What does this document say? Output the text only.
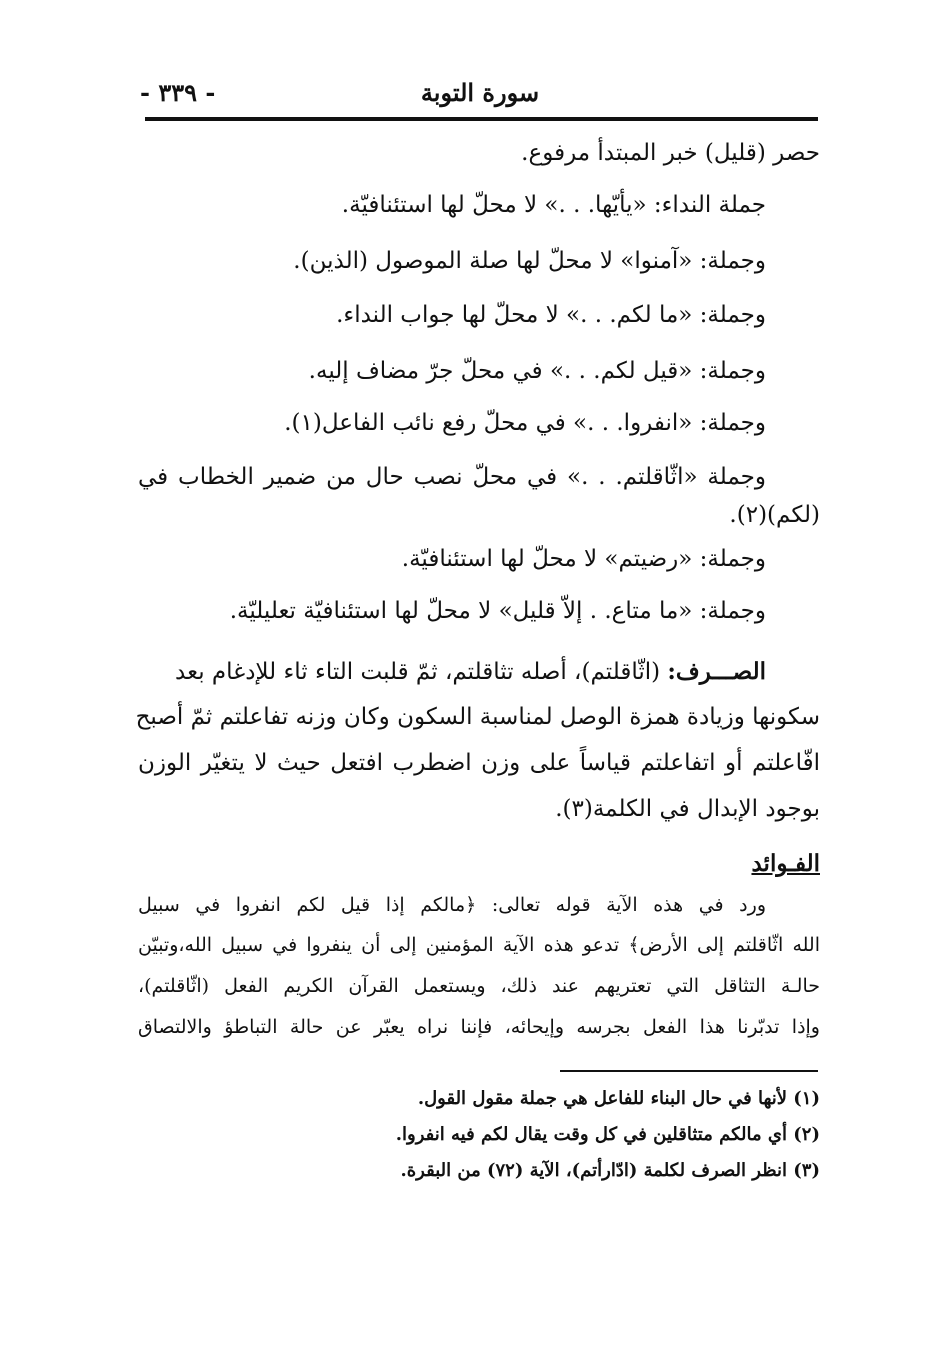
- ٣٣٩ -	سورة التوبة
حصر (قليل) خبر المبتدأ مرفوع.
جملة النداء: «يأيّها. . .» لا محلّ لها استئنافيّة.
وجملة: «آمنوا» لا محلّ لها صلة الموصول (الذين).
وجملة: «ما لكم. . .» لا محلّ لها جواب النداء.
وجملة: «قيل لكم. . .» في محلّ جرّ مضاف إليه.
وجملة: «انفروا. . .» في محلّ رفع نائب الفاعل(١).
وجملة «اثّاقلتم. . .» في محلّ نصب حال من ضمير الخطاب في
(لكم)(٢).
وجملة: «رضيتم» لا محلّ لها استئنافيّة.
وجملة: «ما متاع. . إلاّ قليل» لا محلّ لها استئنافيّة تعليليّة.
الصـــرف: (اثّاقلتم)، أصله تثاقلتم، ثمّ قلبت التاء ثاء للإدغام بعد
سكونها وزيادة همزة الوصل لمناسبة السكون وكان وزنه تفاعلتم ثمّ أصبح
افّاعلتم أو اتفاعلتم قياساً على وزن اضطرب افتعل حيث لا يتغيّر الوزن
بوجود الإبدال في الكلمة(٣).
الفـوائد
ورد في هذه الآية قوله تعالى: ﴿مالكم إذا قيل لكم انفروا في سبيل
الله اثّاقلتم إلى الأرض﴾ تدعو هذه الآية المؤمنين إلى أن ينفروا في سبيل الله،وتبيّن
حالـة التثاقل التي تعتريهم عند ذلك، ويستعمل القرآن الكريم الفعل (اثّاقلتم)،
وإذا تدبّرنا هذا الفعل بجرسه وإيحائه، فإننا نراه يعبّر عن حالة التباطؤ والالتصاق
(١) لأنها في حال البناء للفاعل هي جملة مقول القول.
(٢) أي مالكم متثاقلين في كل وقت يقال لكم فيه انفروا.
(٣) انظر الصرف لكلمة (ادّارأتم)، الآية (٧٢) من البقرة.
